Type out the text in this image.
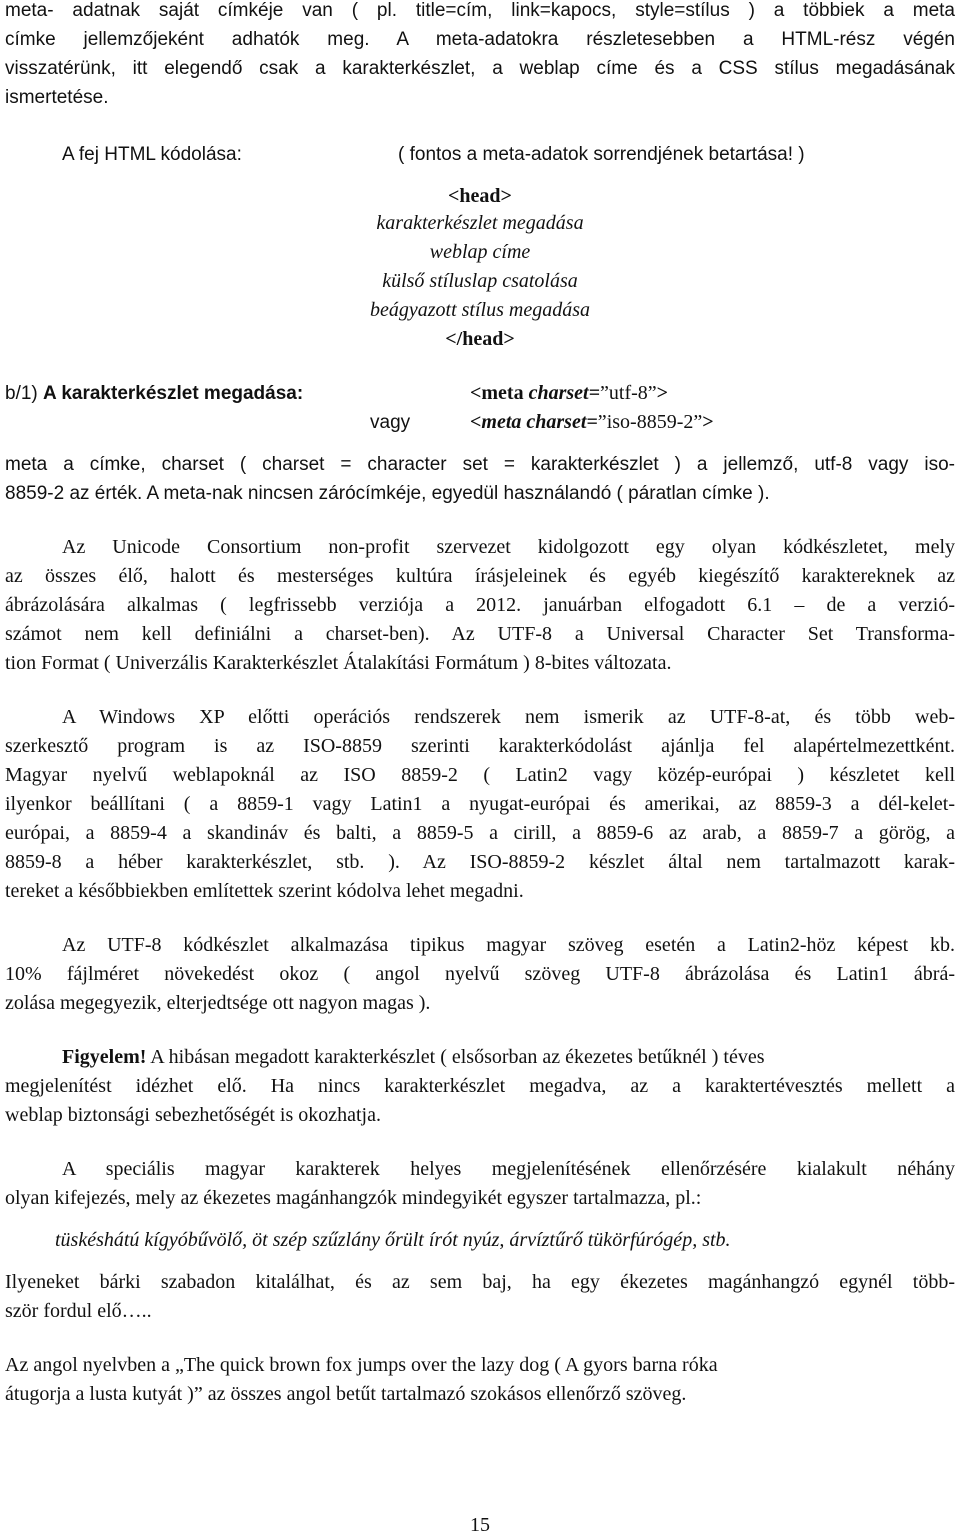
meta- adatnak saját címkéje van ( pl. title=cím, link=kapocs, style=stílus ) a többiek a meta
címke jellemzőjeként adhatók meg. A meta-adatokra részletesebben a HTML-rész végén
visszatérünk, itt elegendő csak a karakterkészlet, a weblap címe és a CSS stílus megadásának
ismertetése.
A fej HTML kódolása:	( fontos a meta-adatok sorrendjének betartása! )
<head>
karakterkészlet megadása
weblap címe
külső stíluslap csatolása
beágyazott stílus megadása
</head>
b/1) A karakterkészlet megadása:	<meta charset=”utf-8”>
vagy	<meta charset=”iso-8859-2”>
meta a címke, charset ( charset = character set = karakterkészlet ) a jellemző, utf-8 vagy iso-
8859-2 az érték. A meta-nak nincsen zárócímkéje, egyedül használandó ( páratlan címke ).
Az Unicode Consortium non-profit szervezet kidolgozott egy olyan kódkészletet, mely
az összes élő, halott és mesterséges kultúra írásjeleinek és egyéb kiegészítő karaktereknek az
ábrázolására alkalmas ( legfrissebb verziója a 2012. januárban elfogadott 6.1 – de a verzió-
számot nem kell definiálni a charset-ben). Az UTF-8 a Universal Character Set Transforma-
tion Format ( Univerzális Karakterkészlet Átalakítási Formátum ) 8-bites változata.
A Windows XP előtti operációs rendszerek nem ismerik az UTF-8-at, és több web-
szerkesztő program is az ISO-8859 szerinti karakterkódolást ajánlja fel alapértelmezettként.
Magyar nyelvű weblapoknál az ISO 8859-2 ( Latin2 vagy közép-európai ) készletet kell
ilyenkor beállítani ( a 8859-1 vagy Latin1 a nyugat-európai és amerikai, az 8859-3 a dél-kelet-
európai, a 8859-4 a skandináv és balti, a 8859-5 a cirill, a 8859-6 az arab, a 8859-7 a görög, a
8859-8 a héber karakterkészlet, stb. ). Az ISO-8859-2 készlet által nem tartalmazott karak-
tereket a későbbiekben említettek szerint kódolva lehet megadni.
Az UTF-8 kódkészlet alkalmazása tipikus magyar szöveg esetén a Latin2-höz képest kb.
10% fájlméret növekedést okoz ( angol nyelvű szöveg UTF-8 ábrázolása és Latin1 ábrá-
zolása megegyezik, elterjedtsége ott nagyon magas ).
Figyelem! A hibásan megadott karakterkészlet ( elsősorban az ékezetes betűknél ) téves
megjelenítést idézhet elő. Ha nincs karakterkészlet megadva, az a karaktertévesztés mellett a
weblap biztonsági sebezhetőségét is okozhatja.
A speciális magyar karakterek helyes megjelenítésének ellenőrzésére kialakult néhány
olyan kifejezés, mely az ékezetes magánhangzók mindegyikét egyszer tartalmazza, pl.:
tüskéshátú kígyóbűvölő, öt szép szűzlány őrült írót nyúz, árvíztűrő tükörfúrógép, stb.
Ilyeneket bárki szabadon kitalálhat, és az sem baj, ha egy ékezetes magánhangzó egynél több-
ször fordul elő…..
Az angol nyelvben a „The quick brown fox jumps over the lazy dog ( A gyors barna róka
átugorja a lusta kutyát )” az összes angol betűt tartalmazó szokásos ellenőrző szöveg.
15
